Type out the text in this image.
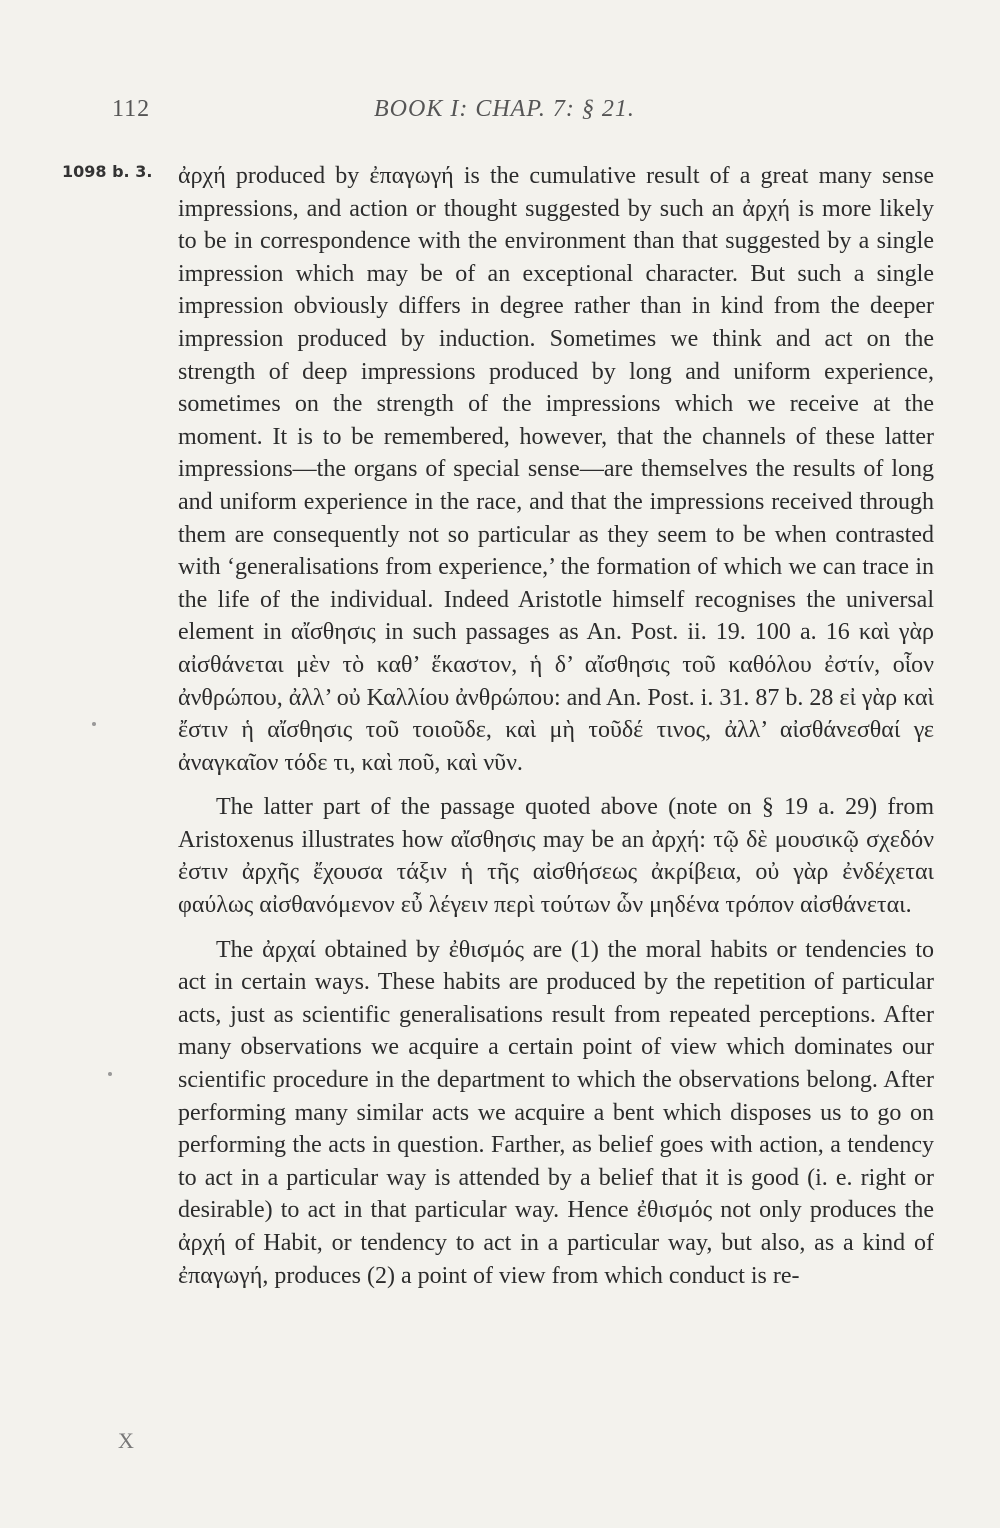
112	BOOK I: CHAP. 7: § 21.
1098 b. 3. ἀρχή produced by ἐπαγωγή is the cumulative result of a great many sense impressions, and action or thought suggested by such an ἀρχή is more likely to be in correspondence with the environment than that suggested by a single impression which may be of an exceptional character. But such a single impression obviously differs in degree rather than in kind from the deeper impression produced by induction. Sometimes we think and act on the strength of deep impressions produced by long and uniform experience, sometimes on the strength of the impressions which we receive at the moment. It is to be remembered, however, that the channels of these latter impressions—the organs of special sense—are themselves the results of long and uniform experience in the race, and that the impressions received through them are consequently not so particular as they seem to be when contrasted with ‘generalisations from experience,’ the formation of which we can trace in the life of the individual. Indeed Aristotle himself recognises the universal element in αἴσθησις in such passages as An. Post. ii. 19. 100 a. 16 καὶ γὰρ αἰσθάνεται μὲν τὸ καθ’ ἕκαστον, ἡ δ’ αἴσθησις τοῦ καθόλου ἐστίν, οἷον ἀνθρώπου, ἀλλ’ οὐ Καλλίου ἀνθρώπου: and An. Post. i. 31. 87 b. 28 εἰ γὰρ καὶ ἔστιν ἡ αἴσθησις τοῦ τοιοῦδε, καὶ μὴ τοῦδέ τινος, ἀλλ’ αἰσθάνεσθαί γε ἀναγκαῖον τόδε τι, καὶ ποῦ, καὶ νῦν.

The latter part of the passage quoted above (note on § 19 a. 29) from Aristoxenus illustrates how αἴσθησις may be an ἀρχή: τῷ δὲ μουσικῷ σχεδόν ἐστιν ἀρχῆς ἔχουσα τάξιν ἡ τῆς αἰσθήσεως ἀκρίβεια, οὐ γὰρ ἐνδέχεται φαύλως αἰσθανόμενον εὖ λέγειν περὶ τούτων ὧν μηδένα τρόπον αἰσθάνεται.

The ἀρχαί obtained by ἐθισμός are (1) the moral habits or tendencies to act in certain ways. These habits are produced by the repetition of particular acts, just as scientific generalisations result from repeated perceptions. After many observations we acquire a certain point of view which dominates our scientific procedure in the department to which the observations belong. After performing many similar acts we acquire a bent which disposes us to go on performing the acts in question. Farther, as belief goes with action, a tendency to act in a particular way is attended by a belief that it is good (i. e. right or desirable) to act in that particular way. Hence ἐθισμός not only produces the ἀρχή of Habit, or tendency to act in a particular way, but also, as a kind of ἐπαγωγή, produces (2) a point of view from which conduct is re-

X
